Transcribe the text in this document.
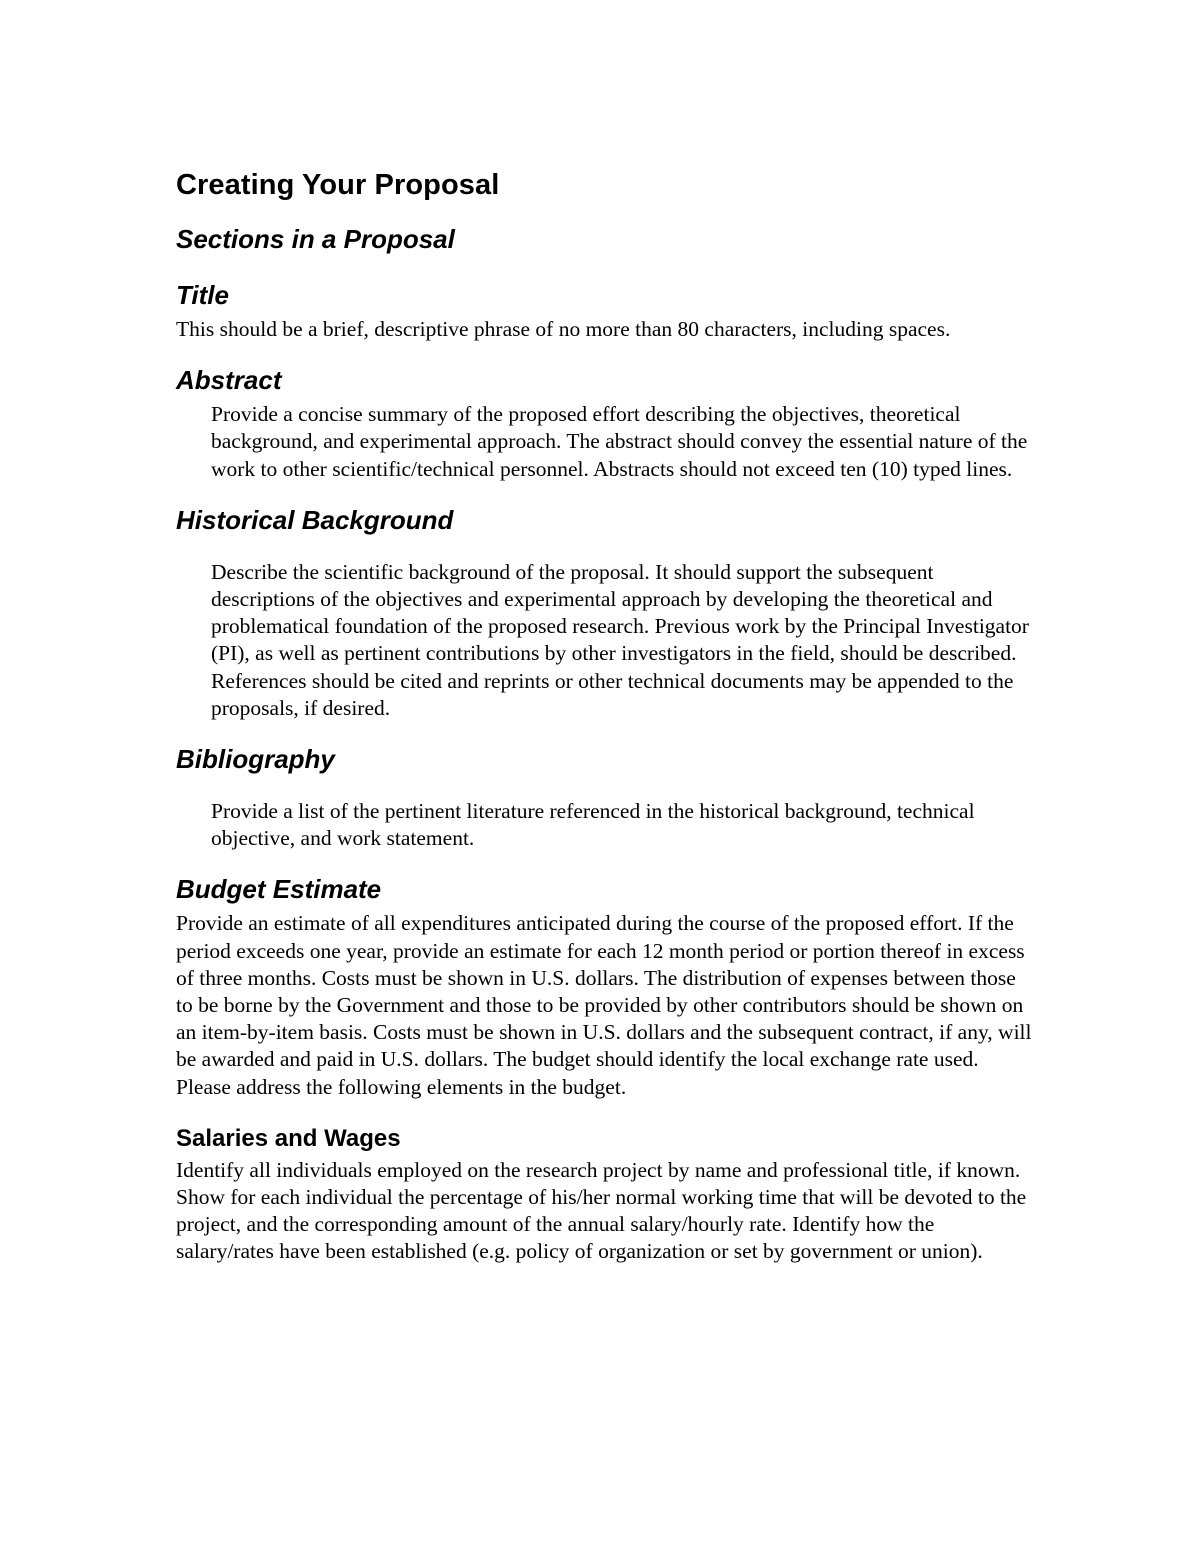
Creating Your Proposal
Sections in a Proposal
Title

This should be a brief, descriptive phrase of no more than 80 characters, including spaces.

Abstract

Provide a concise summary of the proposed effort describing the objectives, theoretical background, and experimental approach. The abstract should convey the essential nature of the work to other scientific/technical personnel. Abstracts should not exceed ten (10) typed lines.

Historical Background

Describe the scientific background of the proposal. It should support the subsequent descriptions of the objectives and experimental approach by developing the theoretical and problematical foundation of the proposed research. Previous work by the Principal Investigator (PI), as well as pertinent contributions by other investigators in the field, should be described. References should be cited and reprints or other technical documents may be appended to the proposals, if desired.

Bibliography

Provide a list of the pertinent literature referenced in the historical background, technical objective, and work statement.

Budget Estimate

Provide an estimate of all expenditures anticipated during the course of the proposed effort. If the period exceeds one year, provide an estimate for each 12 month period or portion thereof in excess of three months. Costs must be shown in U.S. dollars. The distribution of expenses between those to be borne by the Government and those to be provided by other contributors should be shown on an item-by-item basis. Costs must be shown in U.S. dollars and the subsequent contract, if any, will be awarded and paid in U.S. dollars. The budget should identify the local exchange rate used. Please address the following elements in the budget.

Salaries and Wages

Identify all individuals employed on the research project by name and professional title, if known. Show for each individual the percentage of his/her normal working time that will be devoted to the project, and the corresponding amount of the annual salary/hourly rate. Identify how the salary/rates have been established (e.g. policy of organization or set by government or union).
